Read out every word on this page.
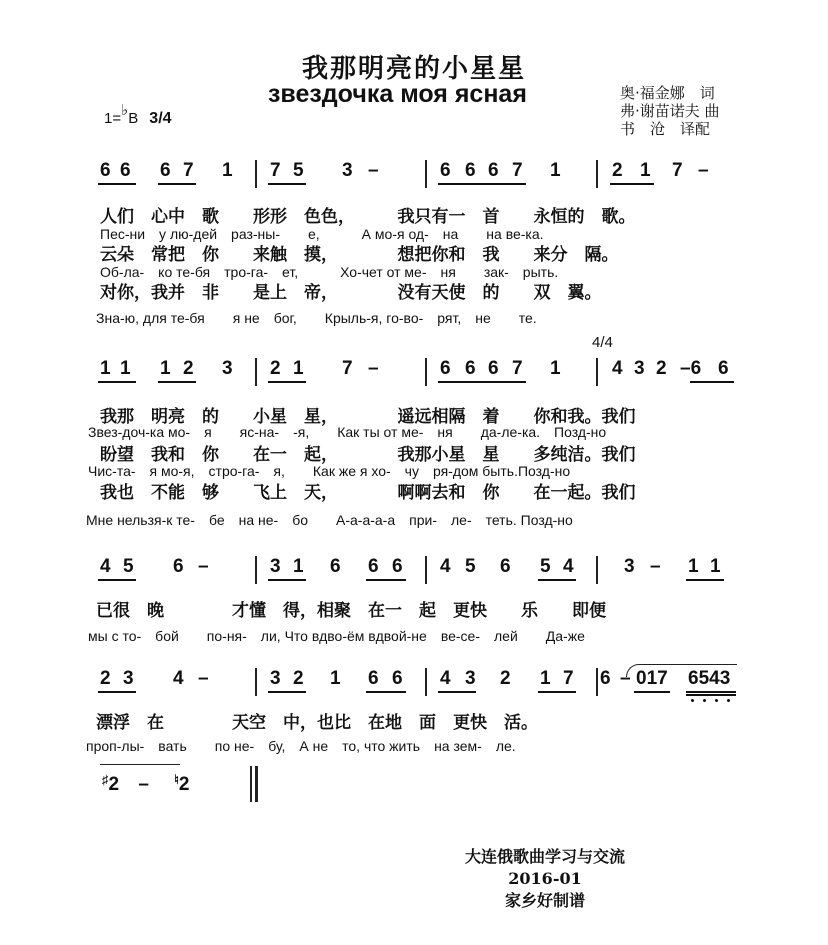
我那明亮的小星星
звездочка моя ясная	奥·福金娜　词
弗·谢苗诺夫 曲
书　沧　译配
1=♭B 3/4
6 6 6 7 1 7 5 3 –	6 6 6 7 1	2 1 7 –
人们　心中　歌　　形形　色色，　　　我只有一　首　　永恒的　歌。
Пес-ни　у лю-дей　раз-ны-　　е,　　　А мо-я од-　на　　на ве-ка.
云朵　常把　你　　来触　摸，　　　　想把你和　我　　来分　隔。
Об-ла-　ко те-бя　тро-га-　ет,　　　Хо-чет от ме-　ня　　зак-　рыть.
对你，我并　非　　是上　帝，　　　　没有天使　的　　双　翼。
Зна-ю, для те-бя　　я не　бог,　　Крыль-я, го-во-　рят,　не　　те.
4/4
1 1 1 2 3 2 1 7 –	6 6 6 7 1	4 3 2 –6 6
我那　明亮　的　　小星　星，　　　　遥远相隔　着　　你和我。我们
Звез-доч-ка мо-　я　　яс-на-　-я,　　Как ты от ме-　ня　　да-ле-ка.　Позд-но
盼望　我和　你　　在一　起，　　　　我那小星　星　　多纯洁。我们
Чис-та-　я мо-я,　стро-га-　я,　　Как же я хо-　чу　ря-дом быть.Позд-но
我也　不能　够　　飞上　天，　　　　啊啊去和　你　　在一起。我们
Мне нельзя-к те-　бе　на не-　бо　　А-а-а-а-а　при-　ле-　теть. Позд-но
4 5 6 –	3 1 6 6 6 4 5 6 5 4	3 – 1 1
已很　晚　　　　才懂　得，相聚　在一　起　更快　　乐　　即便
мы с то-　бой　　по-ня-　ли, Что вдво-ём вдвой-не　ве-се-　лей　　Да-же
2 3 4 –	3 2 1 6 6 4 3 2 1 7 6 – 017 6543
漂浮　在　　　　天空　中，也比　在地　面　更快　活。
проп-лы-　вать　　по не-　бу,　А не　то, что жить　на зем-　ле.
♯2 – ♮2
大连俄歌曲学习与交流
2016-01
家乡好制谱
